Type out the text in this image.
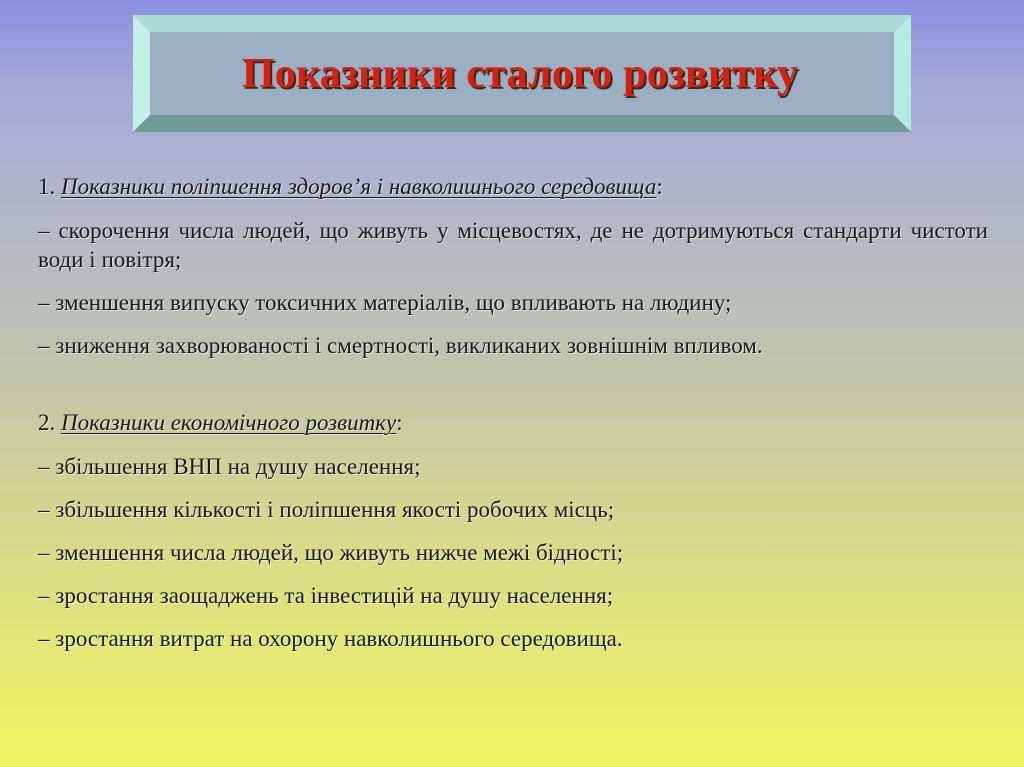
Показники сталого розвитку
1. Показники поліпшення здоров’я і навколишнього середовища:
– скорочення числа людей, що живуть у місцевостях, де не дотримуються стандарти чистоти води і повітря;
– зменшення випуску токсичних матеріалів, що впливають на людину;
– зниження захворюваності і смертності, викликаних зовнішнім впливом.
2. Показники економічного розвитку:
– збільшення ВНП на душу населення;
– збільшення кількості і поліпшення якості робочих місць;
– зменшення числа людей, що живуть нижче межі бідності;
– зростання заощаджень та інвестицій на душу населення;
– зростання витрат на охорону навколишнього середовища.
